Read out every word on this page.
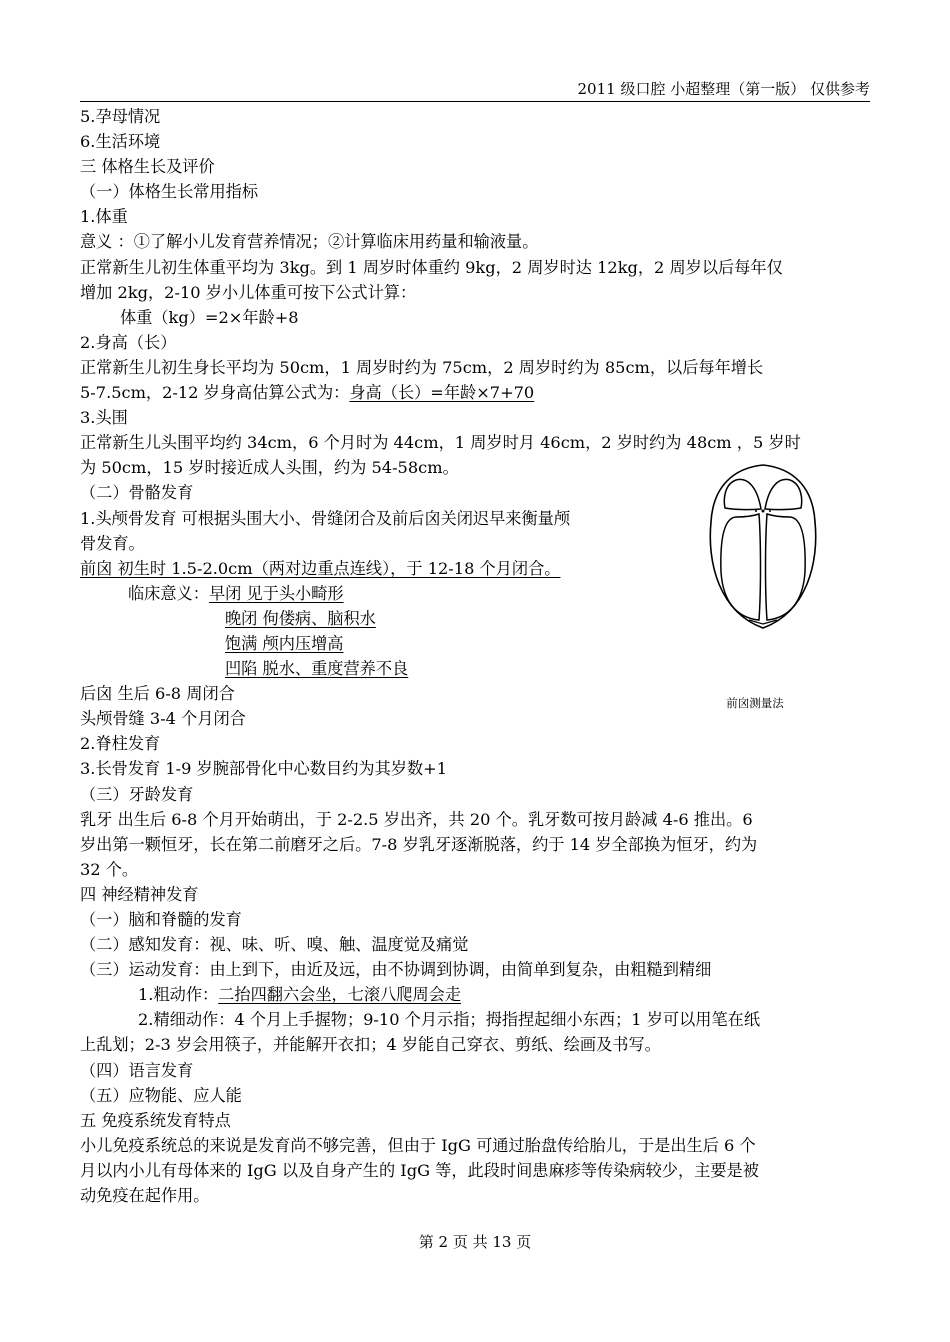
2011 级口腔 小超整理（第一版） 仅供参考
5.孕母情况
6.生活环境
三 体格生长及评价
（一）体格生长常用指标
1.体重
意义 ：①了解小儿发育营养情况；②计算临床用药量和输液量。
正常新生儿初生体重平均为 3kg。到 1 周岁时体重约 9kg，2 周岁时达 12kg，2 周岁以后每年仅
增加 2kg，2-10 岁小儿体重可按下公式计算：
体重（kg）=2×年龄+8
2.身高（长）
正常新生儿初生身长平均为 50cm，1 周岁时约为 75cm，2 周岁时约为 85cm，以后每年增长
5-7.5cm，2-12 岁身高估算公式为：身高（长）=年龄×7+70
3.头围
正常新生儿头围平均约 34cm，6 个月时为 44cm，1 周岁时月 46cm，2 岁时约为 48cm ，5 岁时
为 50cm，15 岁时接近成人头围，约为 54-58cm。
（二）骨骼发育
1.头颅骨发育 可根据头围大小、骨缝闭合及前后囟关闭迟早来衡量颅
骨发育。
前囟 初生时 1.5-2.0cm（两对边重点连线），于 12-18 个月闭合。
临床意义：早闭 见于头小畸形
晚闭 佝偻病、脑积水
饱满 颅内压增高
凹陷 脱水、重度营养不良
后囟 生后 6-8 周闭合
头颅骨缝 3-4 个月闭合
2.脊柱发育
3.长骨发育 1-9 岁腕部骨化中心数目约为其岁数+1
（三）牙龄发育
乳牙 出生后 6-8 个月开始萌出，于 2-2.5 岁出齐，共 20 个。乳牙数可按月龄减 4-6 推出。6
岁出第一颗恒牙，长在第二前磨牙之后。7-8 岁乳牙逐渐脱落，约于 14 岁全部换为恒牙，约为
32 个。
四 神经精神发育
（一）脑和脊髓的发育
（二）感知发育：视、味、听、嗅、触、温度觉及痛觉
（三）运动发育：由上到下，由近及远，由不协调到协调，由简单到复杂，由粗糙到精细
1.粗动作：二抬四翻六会坐，七滚八爬周会走
2.精细动作：4 个月上手握物；9-10 个月示指；拇指捏起细小东西；1 岁可以用笔在纸
上乱划；2-3 岁会用筷子，并能解开衣扣；4 岁能自己穿衣、剪纸、绘画及书写。
（四）语言发育
（五）应物能、应人能
五 免疫系统发育特点
小儿免疫系统总的来说是发育尚不够完善，但由于 IgG 可通过胎盘传给胎儿，于是出生后 6 个
月以内小儿有母体来的 IgG 以及自身产生的 IgG 等，此段时间患麻疹等传染病较少，主要是被
动免疫在起作用。
前囟测量法
第 2 页 共 13 页
